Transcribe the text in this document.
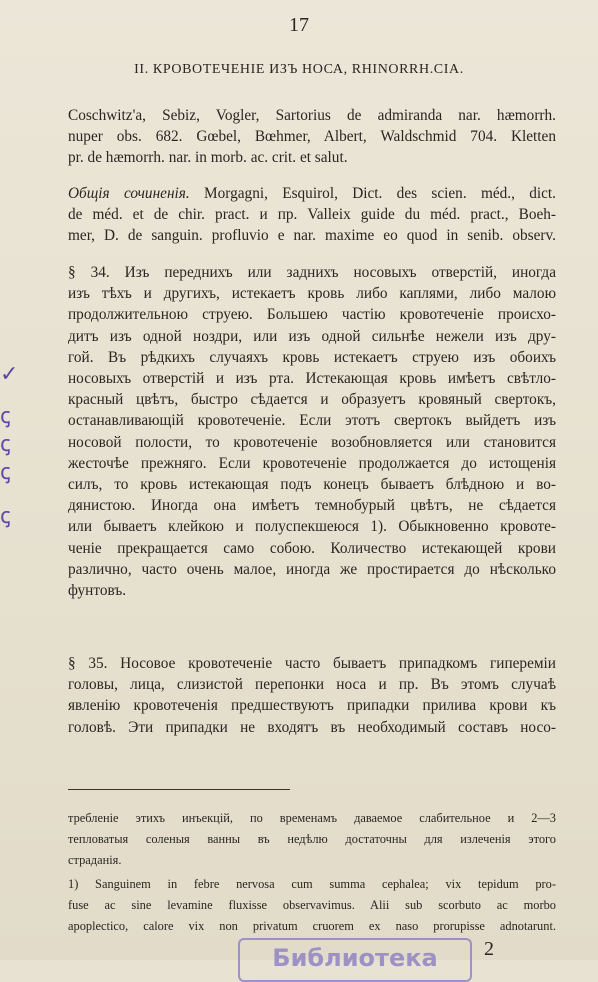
17
II. КРОВОТЕЧЕНIЕ ИЗЪ НОСА, RHINORRH.CIA.
Coschwitz'a, Sebiz, Vogler, Sartorius de admiranda nar. hæmorrh.
nuper obs. 682. Gœbel, Bœhmer, Albert, Waldschmid 704. Kletten
pr. de hæmorrh. nar. in morb. ac. crit. et salut.
Общiя сочиненiя. Morgagni, Esquirol, Dict. des scien. méd., dict.
de méd. et de chir. pract. и пр. Valleix guide du méd. pract., Boeh-
mer, D. de sanguin. profluvio e nar. maxime eo quod in senib. observ.
§ 34. Изъ переднихъ или заднихъ носовыхъ отверстiй, иногда
изъ тѣхъ и другихъ, истекаетъ кровь либо каплями, либо малою
продолжительною струею. Большею частiю кровотеченiе происхо-
дитъ изъ одной ноздри, или изъ одной сильнѣе нежели изъ дру-
гой. Въ рѣдкихъ случаяхъ кровь истекаетъ струею изъ обоихъ
носовыхъ отверстiй и изъ рта. Истекающая кровь имѣетъ свѣтло-
красный цвѣтъ, быстро сѣдается и образуетъ кровяный свертокъ,
останавливающiй кровотеченiе. Если этотъ свертокъ выйдетъ изъ
носовой полости, то кровотеченiе возобновляется или становится
жесточѣе прежняго. Если кровотеченiе продолжается до истощенiя
силъ, то кровь истекающая подъ конецъ бываетъ блѣдною и во-
дянистою. Иногда она имѣетъ темнобурый цвѣтъ, не сѣдается
или бываетъ клейкою и полуспекшеюся 1). Обыкновенно кровоте-
ченiе прекращается само собою. Количество истекающей крови
различно, часто очень малое, иногда же простирается до нѣсколько
фунтовъ.
§ 35. Носовое кровотеченiе часто бываетъ припадкомъ гиперемiи
головы, лица, слизистой перепонки носа и пр. Въ этомъ случаѣ
явленiю кровотеченiя предшествуютъ припадки прилива крови къ
головѣ. Эти припадки не входятъ въ необходимый составъ носо-
требленiе этихъ инъекцiй, по временамъ даваемое слабительное и 2—3
тепловатыя соленыя ванны въ недѣлю достаточны для излеченiя этого
страданiя.
1) Sanguinem in febre nervosa cum summa cephalea; vix tepidum pro-
fuse ac sine levamine fluxisse observavimus. Alii sub scorbuto ac morbo
apoplectico, calore vix non privatum cruorem ex naso prorupisse adnotarunt.
✓
ꞔ
ꞔ
ꞔ
ꞔ
Библиотека	2
